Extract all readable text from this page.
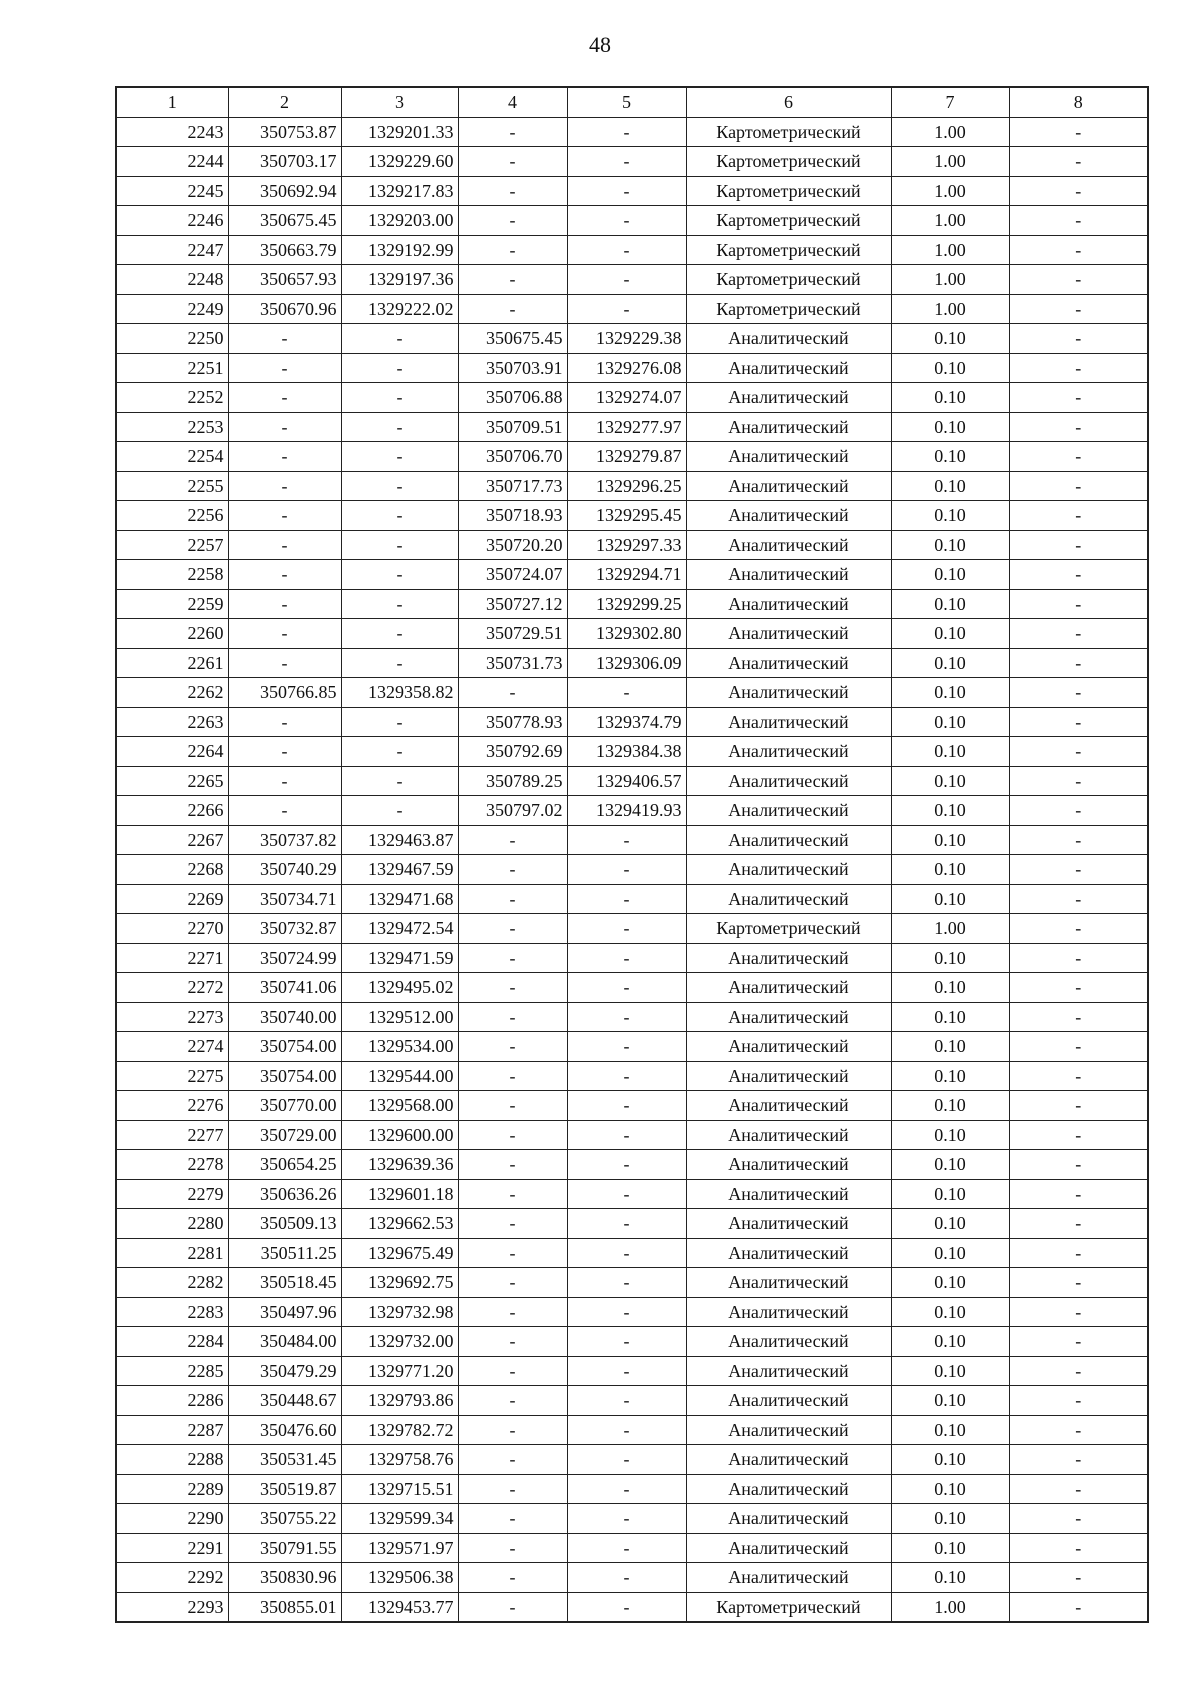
48
1	2	3	4	5	6	7	8
2243	350753.87	1329201.33	-	-	Картометрический	1.00	-
2244	350703.17	1329229.60	-	-	Картометрический	1.00	-
2245	350692.94	1329217.83	-	-	Картометрический	1.00	-
2246	350675.45	1329203.00	-	-	Картометрический	1.00	-
2247	350663.79	1329192.99	-	-	Картометрический	1.00	-
2248	350657.93	1329197.36	-	-	Картометрический	1.00	-
2249	350670.96	1329222.02	-	-	Картометрический	1.00	-
2250	-	-	350675.45	1329229.38	Аналитический	0.10	-
2251	-	-	350703.91	1329276.08	Аналитический	0.10	-
2252	-	-	350706.88	1329274.07	Аналитический	0.10	-
2253	-	-	350709.51	1329277.97	Аналитический	0.10	-
2254	-	-	350706.70	1329279.87	Аналитический	0.10	-
2255	-	-	350717.73	1329296.25	Аналитический	0.10	-
2256	-	-	350718.93	1329295.45	Аналитический	0.10	-
2257	-	-	350720.20	1329297.33	Аналитический	0.10	-
2258	-	-	350724.07	1329294.71	Аналитический	0.10	-
2259	-	-	350727.12	1329299.25	Аналитический	0.10	-
2260	-	-	350729.51	1329302.80	Аналитический	0.10	-
2261	-	-	350731.73	1329306.09	Аналитический	0.10	-
2262	350766.85	1329358.82	-	-	Аналитический	0.10	-
2263	-	-	350778.93	1329374.79	Аналитический	0.10	-
2264	-	-	350792.69	1329384.38	Аналитический	0.10	-
2265	-	-	350789.25	1329406.57	Аналитический	0.10	-
2266	-	-	350797.02	1329419.93	Аналитический	0.10	-
2267	350737.82	1329463.87	-	-	Аналитический	0.10	-
2268	350740.29	1329467.59	-	-	Аналитический	0.10	-
2269	350734.71	1329471.68	-	-	Аналитический	0.10	-
2270	350732.87	1329472.54	-	-	Картометрический	1.00	-
2271	350724.99	1329471.59	-	-	Аналитический	0.10	-
2272	350741.06	1329495.02	-	-	Аналитический	0.10	-
2273	350740.00	1329512.00	-	-	Аналитический	0.10	-
2274	350754.00	1329534.00	-	-	Аналитический	0.10	-
2275	350754.00	1329544.00	-	-	Аналитический	0.10	-
2276	350770.00	1329568.00	-	-	Аналитический	0.10	-
2277	350729.00	1329600.00	-	-	Аналитический	0.10	-
2278	350654.25	1329639.36	-	-	Аналитический	0.10	-
2279	350636.26	1329601.18	-	-	Аналитический	0.10	-
2280	350509.13	1329662.53	-	-	Аналитический	0.10	-
2281	350511.25	1329675.49	-	-	Аналитический	0.10	-
2282	350518.45	1329692.75	-	-	Аналитический	0.10	-
2283	350497.96	1329732.98	-	-	Аналитический	0.10	-
2284	350484.00	1329732.00	-	-	Аналитический	0.10	-
2285	350479.29	1329771.20	-	-	Аналитический	0.10	-
2286	350448.67	1329793.86	-	-	Аналитический	0.10	-
2287	350476.60	1329782.72	-	-	Аналитический	0.10	-
2288	350531.45	1329758.76	-	-	Аналитический	0.10	-
2289	350519.87	1329715.51	-	-	Аналитический	0.10	-
2290	350755.22	1329599.34	-	-	Аналитический	0.10	-
2291	350791.55	1329571.97	-	-	Аналитический	0.10	-
2292	350830.96	1329506.38	-	-	Аналитический	0.10	-
2293	350855.01	1329453.77	-	-	Картометрический	1.00	-
